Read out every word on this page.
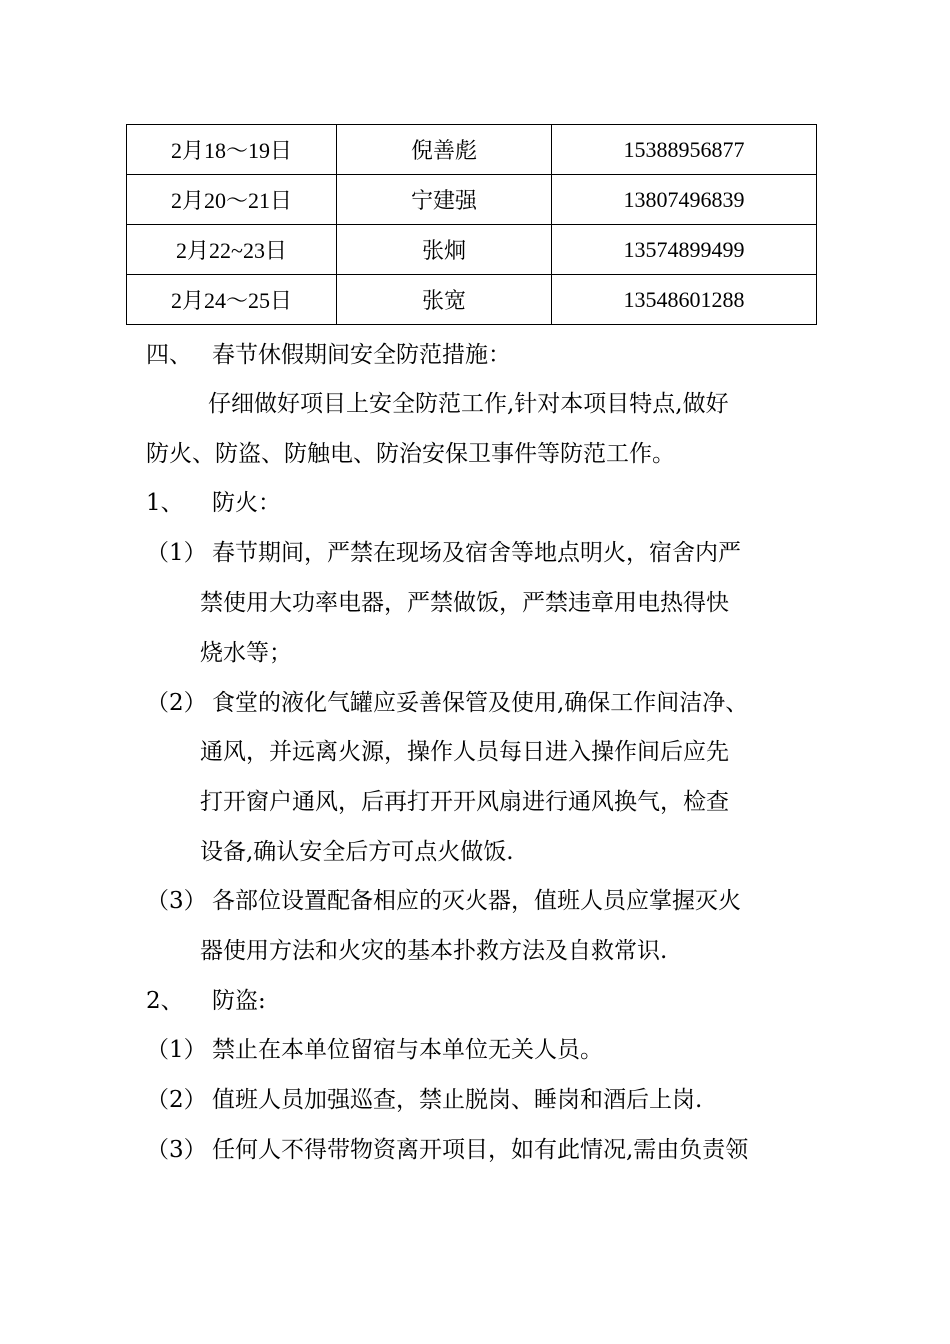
2月18～19日	倪善彪	15388956877
2月20～21日	宁建强	13807496839
2月22~23日	张炯	13574899499
2月24～25日	张宽	13548601288
四、 春节休假期间安全防范措施：
仔细做好项目上安全防范工作,针对本项目特点,做好
防火、防盗、防触电、防治安保卫事件等防范工作。
1、 防火：
（1） 春节期间，严禁在现场及宿舍等地点明火，宿舍内严
禁使用大功率电器，严禁做饭，严禁违章用电热得快
烧水等；
（2） 食堂的液化气罐应妥善保管及使用,确保工作间洁净、
通风，并远离火源，操作人员每日进入操作间后应先
打开窗户通风，后再打开开风扇进行通风换气，检查
设备,确认安全后方可点火做饭.
（3） 各部位设置配备相应的灭火器，值班人员应掌握灭火
器使用方法和火灾的基本扑救方法及自救常识.
2、 防盗:
（1） 禁止在本单位留宿与本单位无关人员。
（2） 值班人员加强巡查，禁止脱岗、睡岗和酒后上岗.
（3） 任何人不得带物资离开项目，如有此情况,需由负责领
